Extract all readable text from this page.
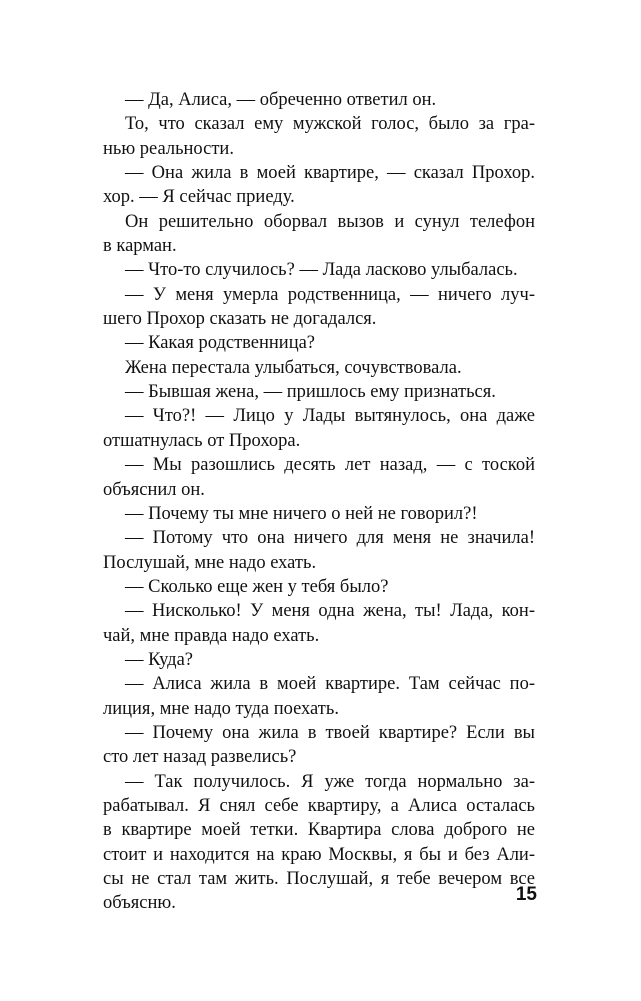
— Да, Алиса, — обреченно ответил он.
То, что сказал ему мужской голос, было за гра-
нью реальности.
— Она жила в моей квартире, — сказал Прохор.
хор. — Я сейчас приеду.
Он решительно оборвал вызов и сунул телефон
в карман.
— Что-то случилось? — Лада ласково улыбалась.
— У меня умерла родственница, — ничего луч-
шего Прохор сказать не догадался.
— Какая родственница?
Жена перестала улыбаться, сочувствовала.
— Бывшая жена, — пришлось ему признаться.
— Что?! — Лицо у Лады вытянулось, она даже
отшатнулась от Прохора.
— Мы разошлись десять лет назад, — с тоской
объяснил он.
— Почему ты мне ничего о ней не говорил?!
— Потому что она ничего для меня не значила!
Послушай, мне надо ехать.
— Сколько еще жен у тебя было?
— Нисколько! У меня одна жена, ты! Лада, кон-
чай, мне правда надо ехать.
— Куда?
— Алиса жила в моей квартире. Там сейчас по-
лиция, мне надо туда поехать.
— Почему она жила в твоей квартире? Если вы
сто лет назад развелись?
— Так получилось. Я уже тогда нормально за-
рабатывал. Я снял себе квартиру, а Алиса осталась
в квартире моей тетки. Квартира слова доброго не
стоит и находится на краю Москвы, я бы и без Али-
сы не стал там жить. Послушай, я тебе вечером все
объясню.	15
